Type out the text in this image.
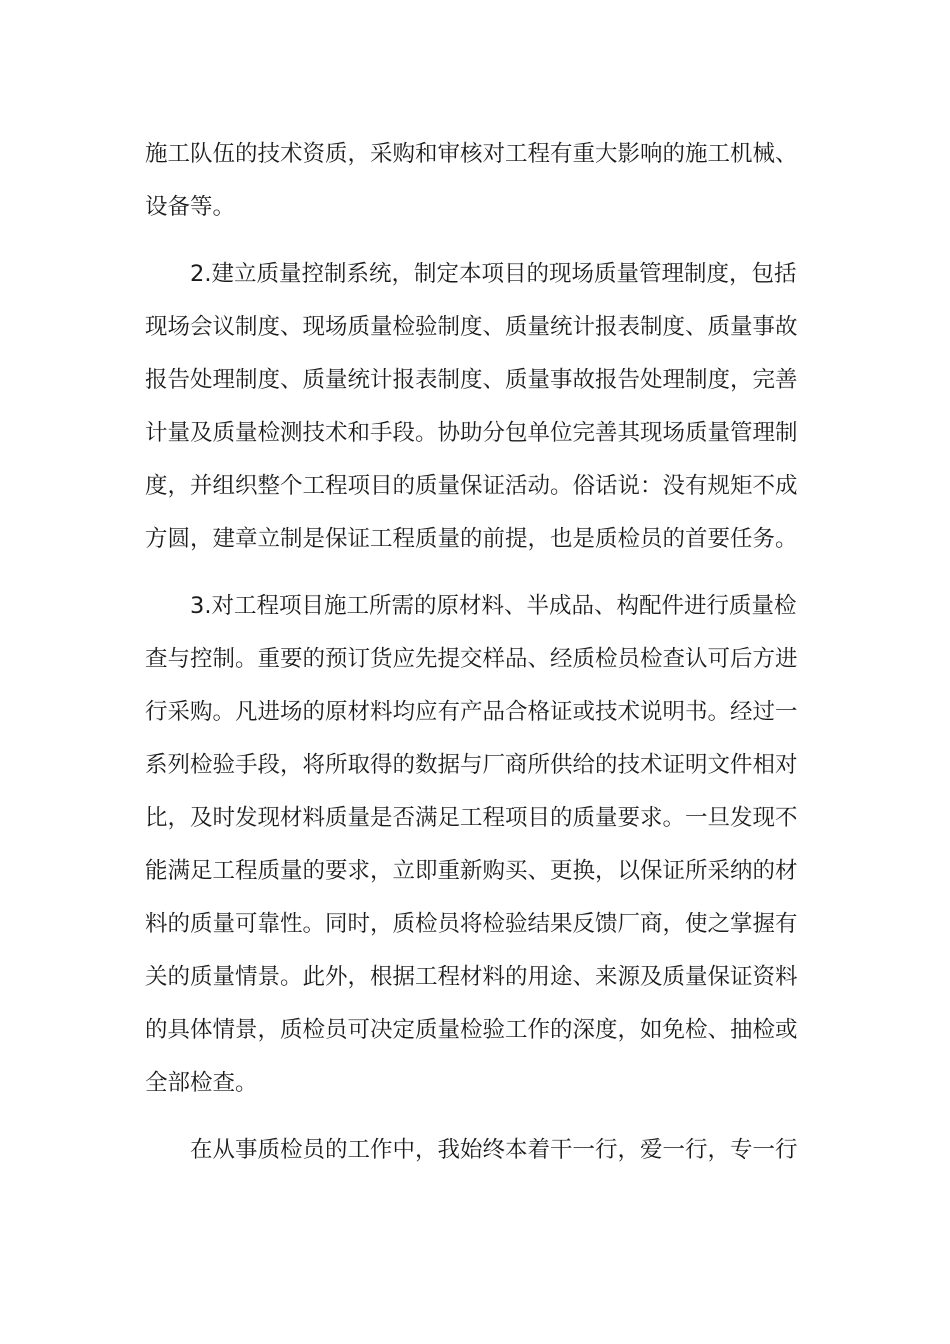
施工队伍的技术资质，采购和审核对工程有重大影响的施工机械、
设备等。
2.建立质量控制系统，制定本项目的现场质量管理制度，包括
现场会议制度、现场质量检验制度、质量统计报表制度、质量事故
报告处理制度、质量统计报表制度、质量事故报告处理制度，完善
计量及质量检测技术和手段。协助分包单位完善其现场质量管理制
度，并组织整个工程项目的质量保证活动。俗话说：没有规矩不成
方圆，建章立制是保证工程质量的前提，也是质检员的首要任务。
3.对工程项目施工所需的原材料、半成品、构配件进行质量检
查与控制。重要的预订货应先提交样品、经质检员检查认可后方进
行采购。凡进场的原材料均应有产品合格证或技术说明书。经过一
系列检验手段，将所取得的数据与厂商所供给的技术证明文件相对
比，及时发现材料质量是否满足工程项目的质量要求。一旦发现不
能满足工程质量的要求，立即重新购买、更换，以保证所采纳的材
料的质量可靠性。同时，质检员将检验结果反馈厂商，使之掌握有
关的质量情景。此外，根据工程材料的用途、来源及质量保证资料
的具体情景，质检员可决定质量检验工作的深度，如免检、抽检或
全部检查。
在从事质检员的工作中，我始终本着干一行，爱一行，专一行
